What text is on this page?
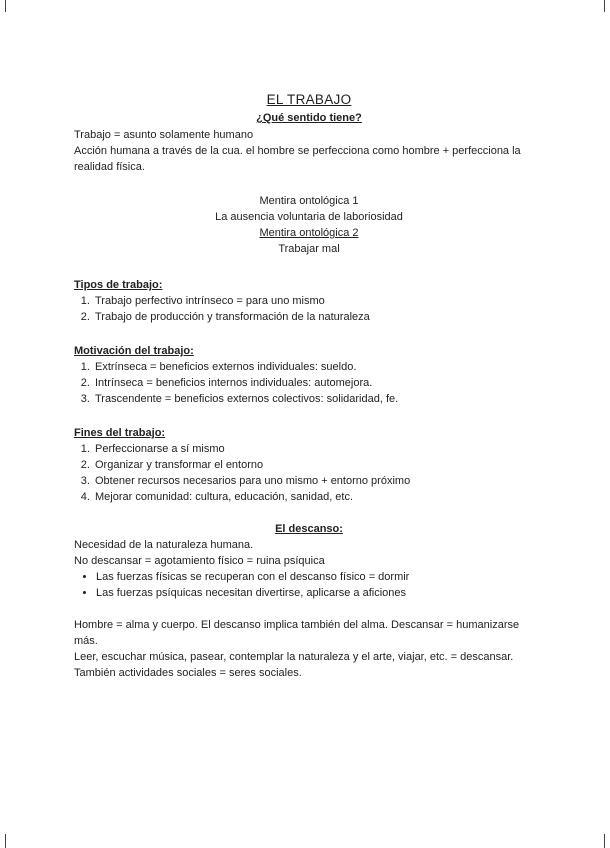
EL TRABAJO
¿Qué sentido tiene?

Trabajo = asunto solamente humano

Acción humana a través de la cua. el hombre se perfecciona como hombre + perfecciona la realidad física.

Mentira ontológica 1

La ausencia voluntaria de laboriosidad

Mentira ontológica 2

Trabajar mal

Tipos de trabajo:

1. Trabajo perfectivo intrínseco = para uno mismo
2. Trabajo de producción y transformación de la naturaleza

Motivación del trabajo:

1. Extrínseca = beneficios externos individuales: sueldo.
2. Intrínseca = beneficios internos individuales: automejora.
3. Trascendente = beneficios externos colectivos: solidaridad, fe.

Fines del trabajo:

1. Perfeccionarse a sí mismo
2. Organizar y transformar el entorno
3. Obtener recursos necesarios para uno mismo + entorno próximo
4. Mejorar comunidad: cultura, educación, sanidad, etc.

El descanso:

Necesidad de la naturaleza humana.

No descansar = agotamiento físico = ruina psíquica

• Las fuerzas físicas se recuperan con el descanso físico = dormir
• Las fuerzas psíquicas necesitan divertirse, aplicarse a aficiones

Hombre = alma y cuerpo. El descanso implica también del alma. Descansar = humanizarse más.

Leer, escuchar música, pasear, contemplar la naturaleza y el arte, viajar, etc. = descansar.

También actividades sociales = seres sociales.
